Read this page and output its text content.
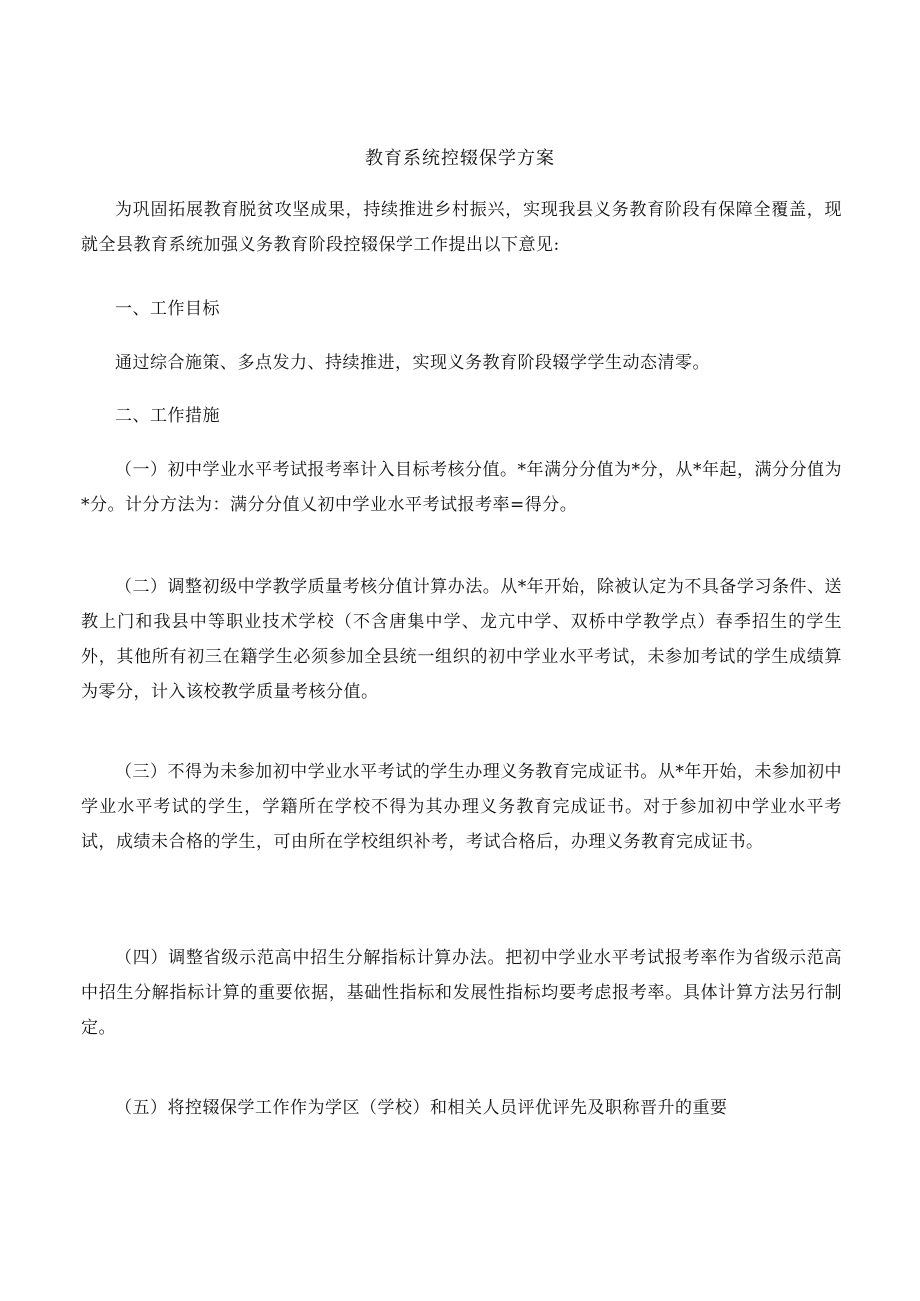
教育系统控辍保学方案

为巩固拓展教育脱贫攻坚成果，持续推进乡村振兴，实现我县义务教育阶段有保障全覆盖，现就全县教育系统加强义务教育阶段控辍保学工作提出以下意见:

一、工作目标

通过综合施策、多点发力、持续推进，实现义务教育阶段辍学学生动态清零。

二、工作措施

（一）初中学业水平考试报考率计入目标考核分值。*年满分分值为*分，从*年起，满分分值为*分。计分方法为：满分分值乂初中学业水平考试报考率=得分。

（二）调整初级中学教学质量考核分值计算办法。从*年开始，除被认定为不具备学习条件、送教上门和我县中等职业技术学校（不含唐集中学、龙亢中学、双桥中学教学点）春季招生的学生外，其他所有初三在籍学生必须参加全县统一组织的初中学业水平考试，未参加考试的学生成绩算为零分，计入该校教学质量考核分值。

（三）不得为未参加初中学业水平考试的学生办理义务教育完成证书。从*年开始，未参加初中学业水平考试的学生，学籍所在学校不得为其办理义务教育完成证书。对于参加初中学业水平考试，成绩未合格的学生，可由所在学校组织补考，考试合格后，办理义务教育完成证书。

（四）调整省级示范高中招生分解指标计算办法。把初中学业水平考试报考率作为省级示范高中招生分解指标计算的重要依据，基础性指标和发展性指标均要考虑报考率。具体计算方法另行制定。

（五）将控辍保学工作作为学区（学校）和相关人员评优评先及职称晋升的重要
